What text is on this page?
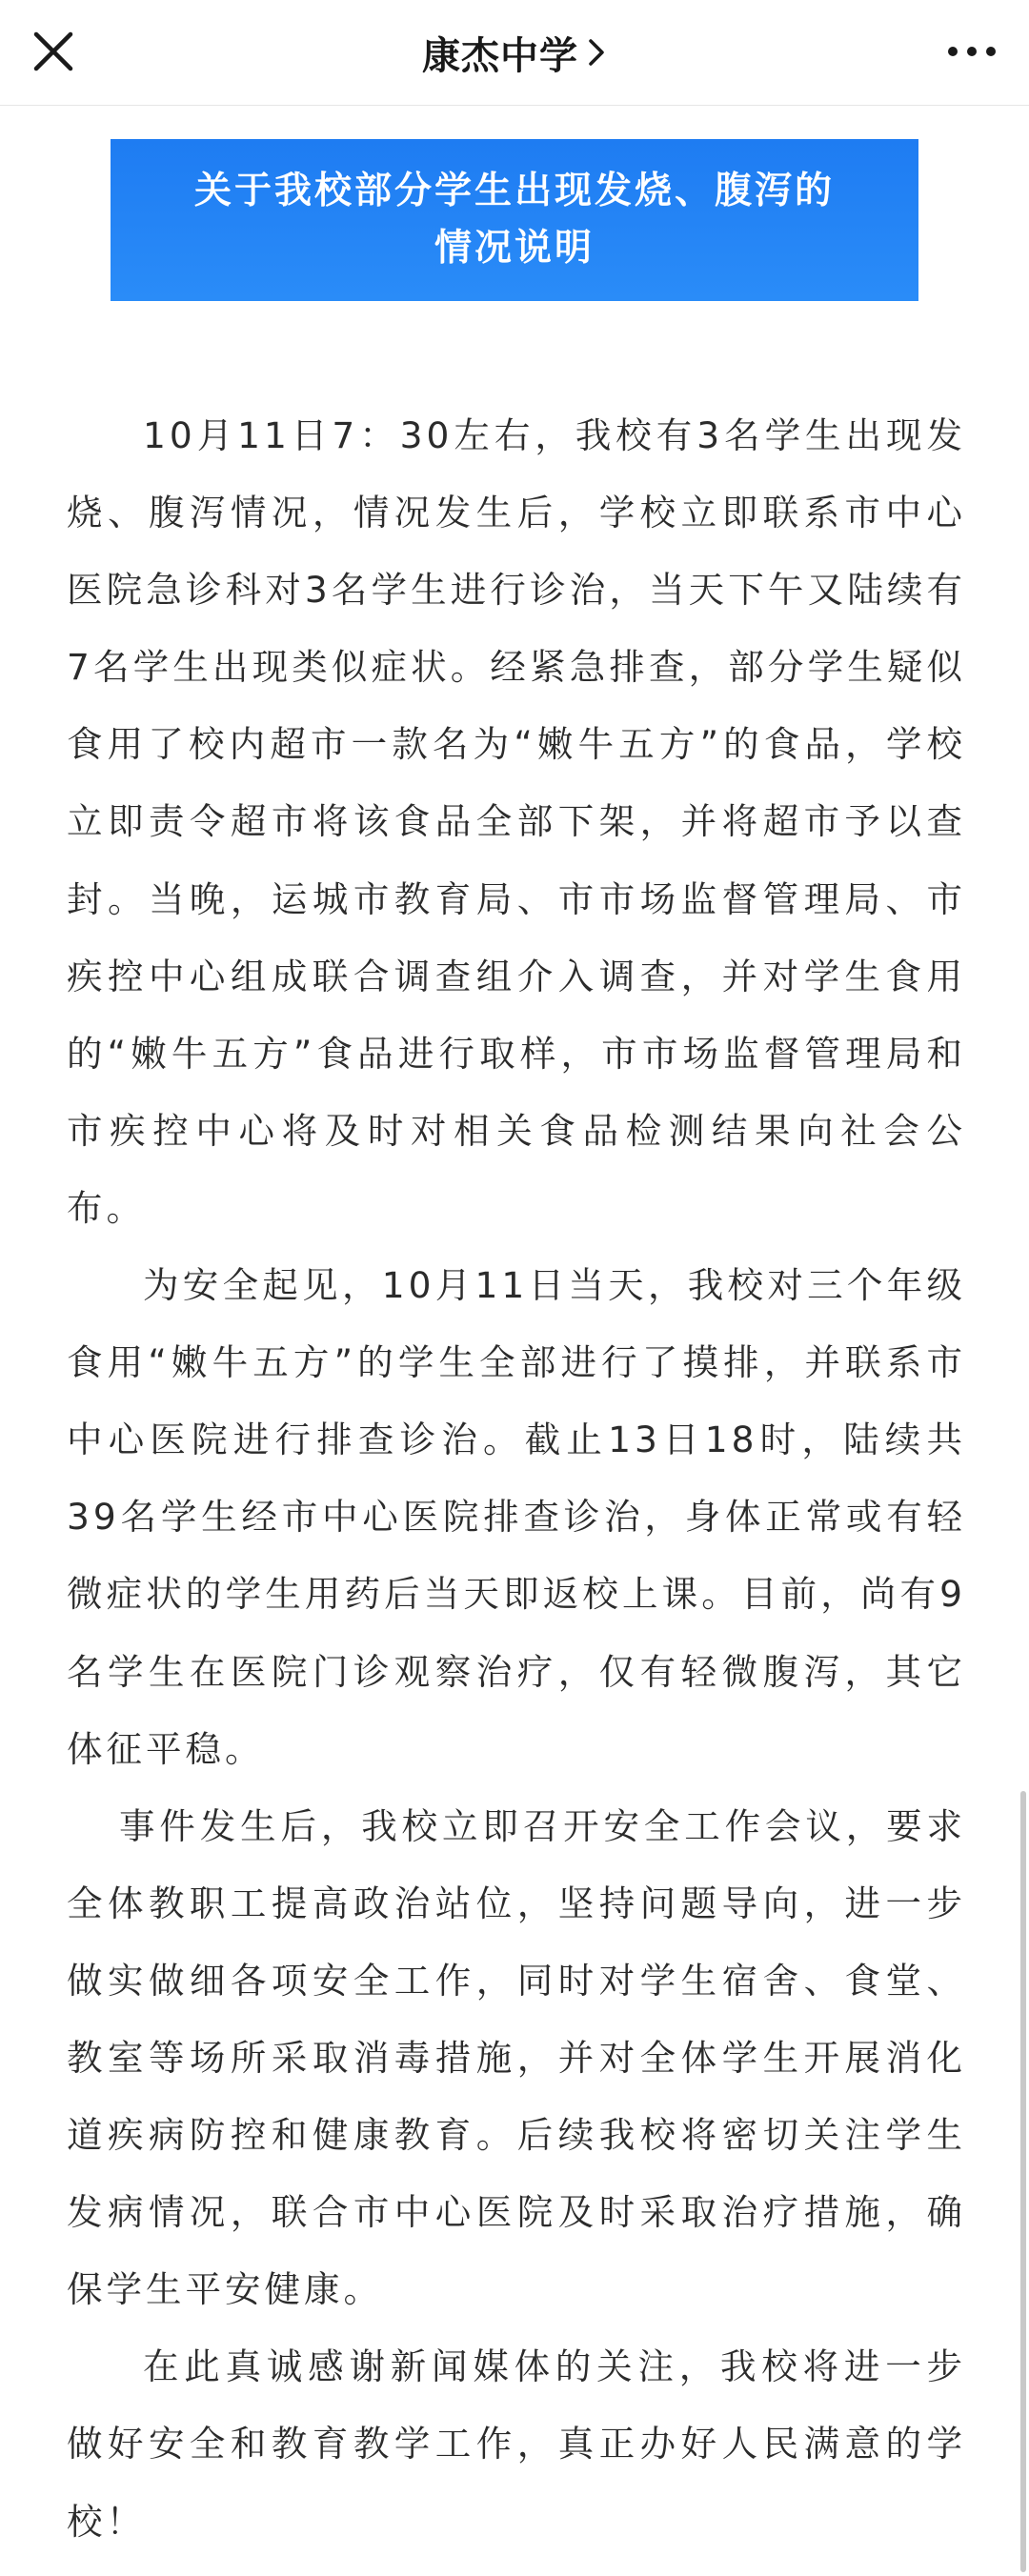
康杰中学
关于我校部分学生出现发烧、腹泻的
情况说明

10月11日7：30左右，我校有3名学生出现发烧、腹泻情况，情况发生后，学校立即联系市中心医院急诊科对3名学生进行诊治，当天下午又陆续有7名学生出现类似症状。经紧急排查，部分学生疑似食用了校内超市一款名为“嫩牛五方”的食品，学校立即责令超市将该食品全部下架，并将超市予以查封。当晚，运城市教育局、市市场监督管理局、市疾控中心组成联合调查组介入调查，并对学生食用的“嫩牛五方”食品进行取样，市市场监督管理局和市疾控中心将及时对相关食品检测结果向社会公布。

为安全起见，10月11日当天，我校对三个年级食用“嫩牛五方”的学生全部进行了摸排，并联系市中心医院进行排查诊治。截止13日18时，陆续共39名学生经市中心医院排查诊治，身体正常或有轻微症状的学生用药后当天即返校上课。目前，尚有9名学生在医院门诊观察治疗，仅有轻微腹泻，其它体征平稳。

事件发生后，我校立即召开安全工作会议，要求全体教职工提高政治站位，坚持问题导向，进一步做实做细各项安全工作，同时对学生宿舍、食堂、教室等场所采取消毒措施，并对全体学生开展消化道疾病防控和健康教育。后续我校将密切关注学生发病情况，联合市中心医院及时采取治疗措施，确保学生平安健康。

在此真诚感谢新闻媒体的关注，我校将进一步做好安全和教育教学工作，真正办好人民满意的学校！
